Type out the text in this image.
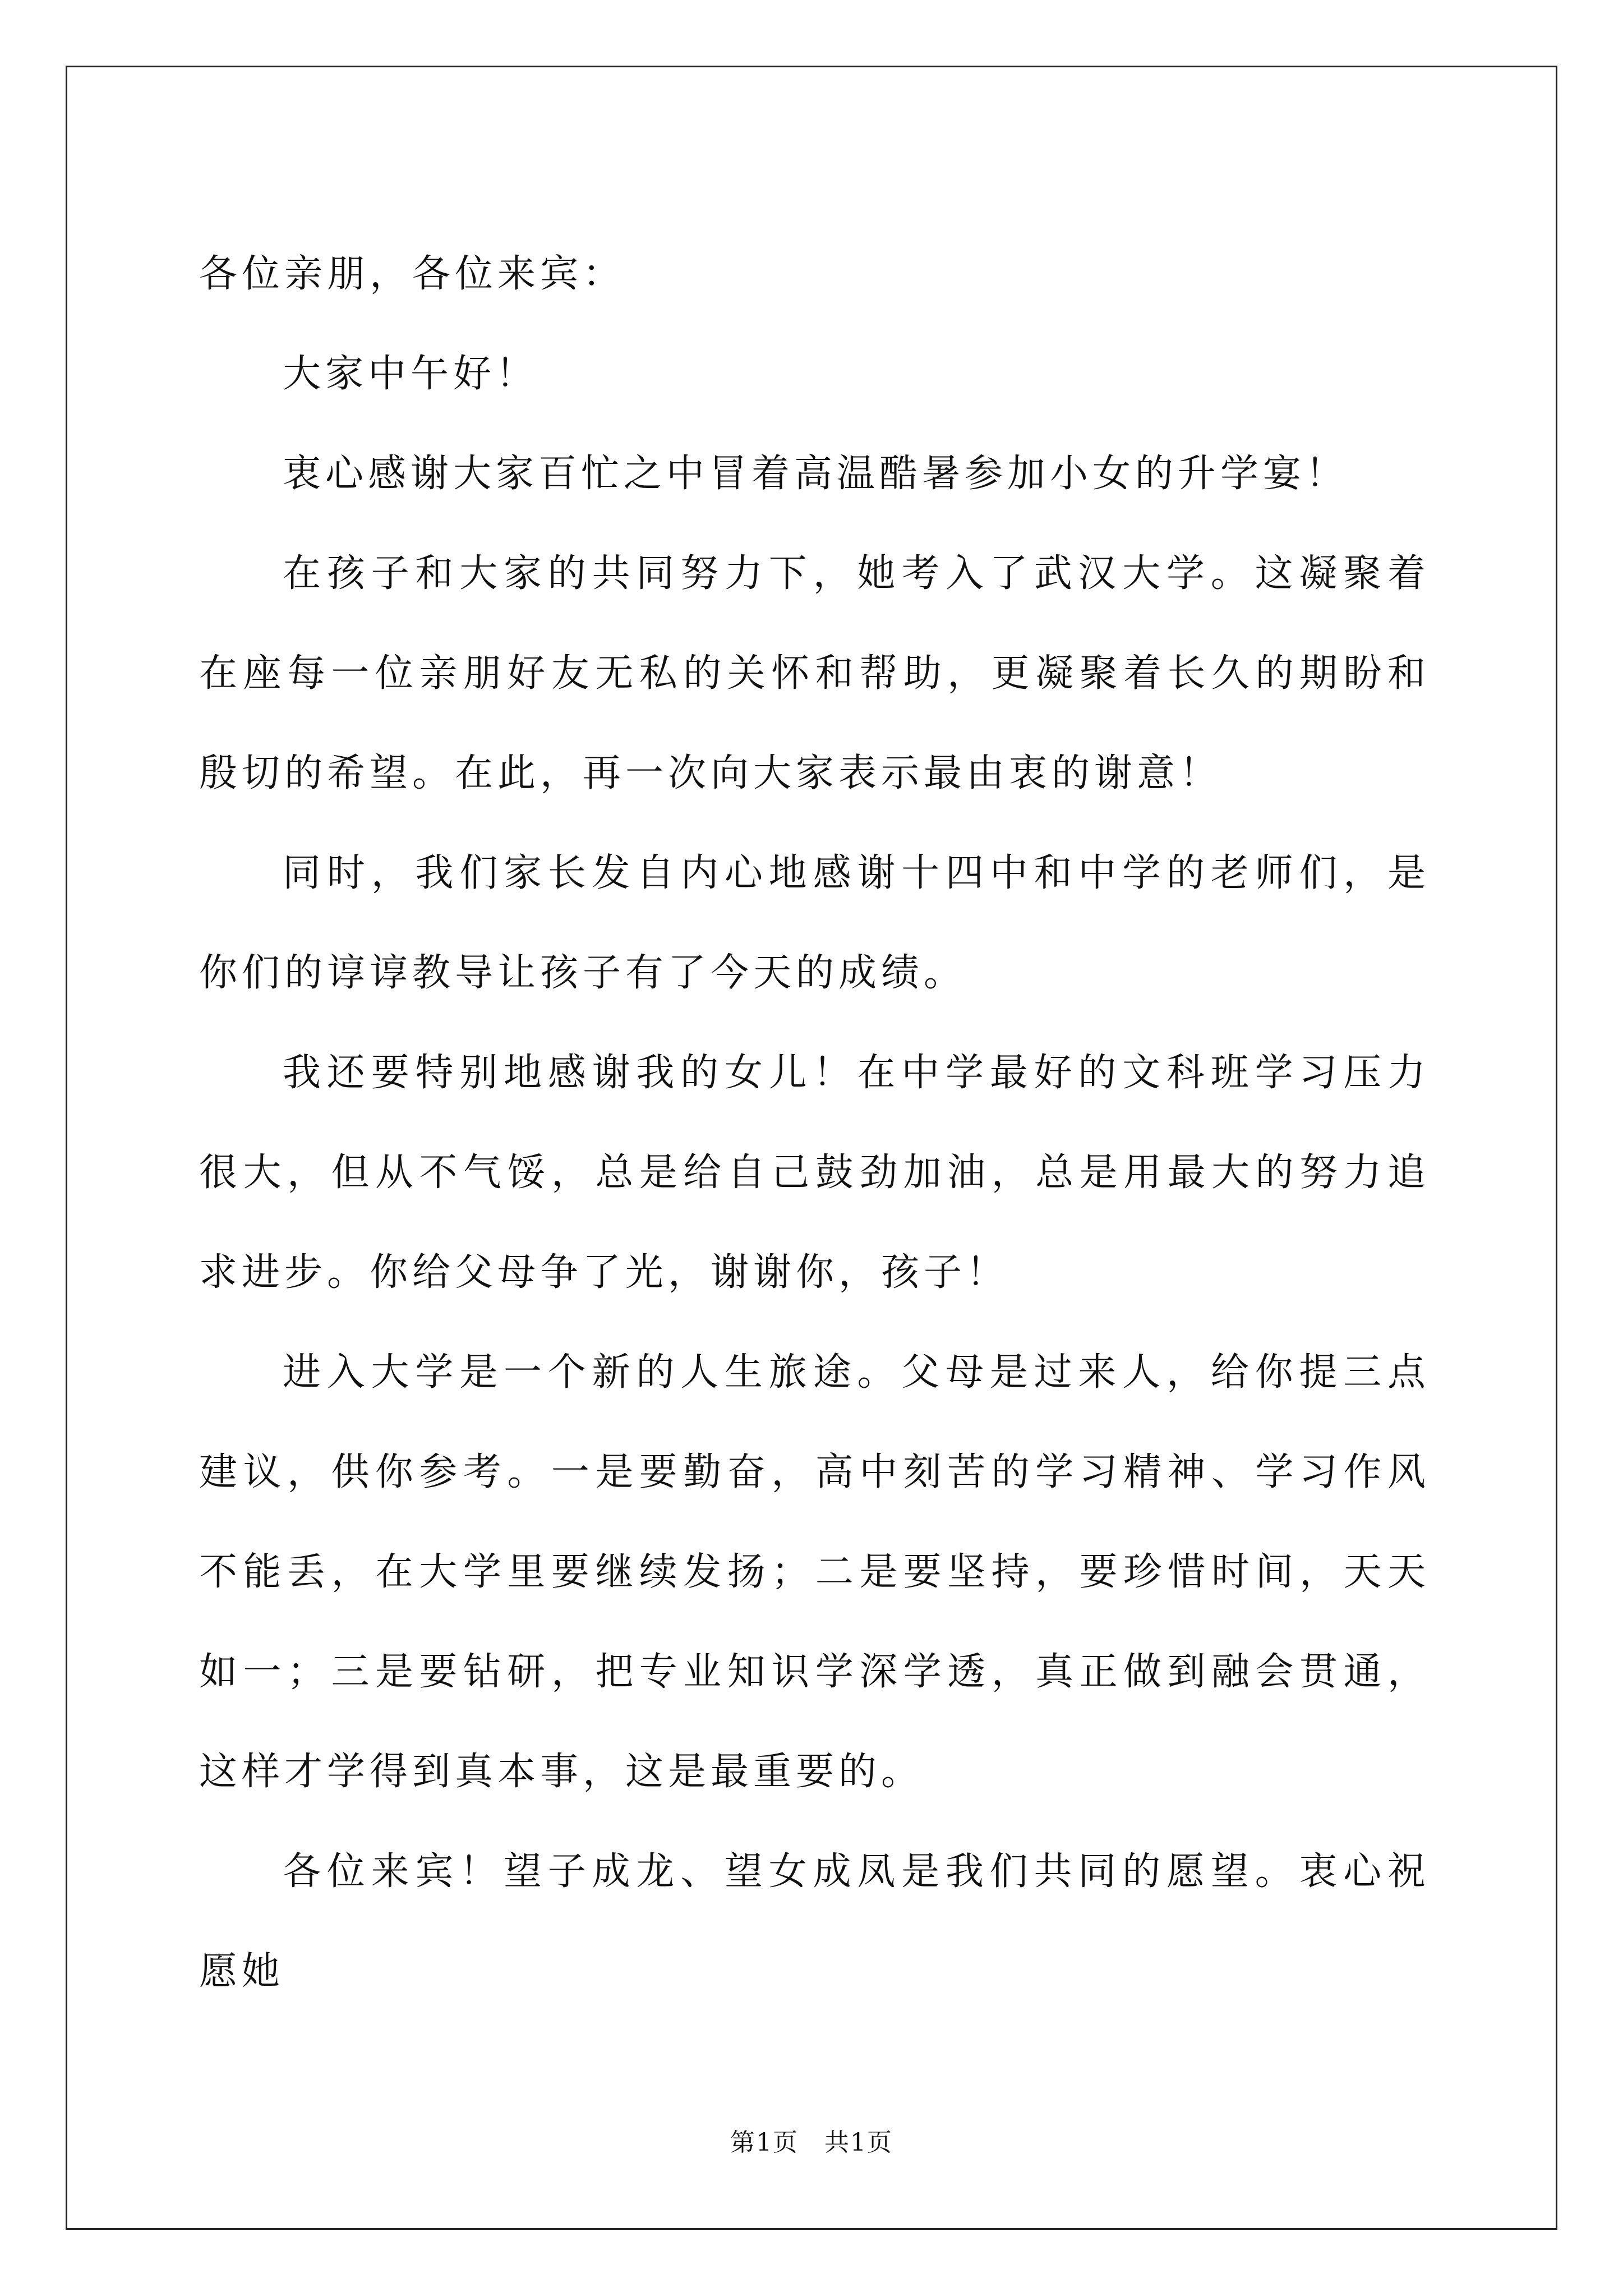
各位亲朋，各位来宾：

大家中午好！

衷心感谢大家百忙之中冒着高温酷暑参加小女的升学宴！

在孩子和大家的共同努力下，她考入了武汉大学。这凝聚着在座每一位亲朋好友无私的关怀和帮助，更凝聚着长久的期盼和殷切的希望。在此，再一次向大家表示最由衷的谢意！

同时，我们家长发自内心地感谢十四中和中学的老师们，是你们的谆谆教导让孩子有了今天的成绩。

我还要特别地感谢我的女儿！在中学最好的文科班学习压力很大，但从不气馁，总是给自己鼓劲加油，总是用最大的努力追求进步。你给父母争了光，谢谢你，孩子！

进入大学是一个新的人生旅途。父母是过来人，给你提三点建议，供你参考。一是要勤奋，高中刻苦的学习精神、学习作风不能丢，在大学里要继续发扬；二是要坚持，要珍惜时间，天天如一；三是要钻研，把专业知识学深学透，真正做到融会贯通，这样才学得到真本事，这是最重要的。

各位来宾！望子成龙、望女成凤是我们共同的愿望。衷心祝愿她

第1页　共1页
